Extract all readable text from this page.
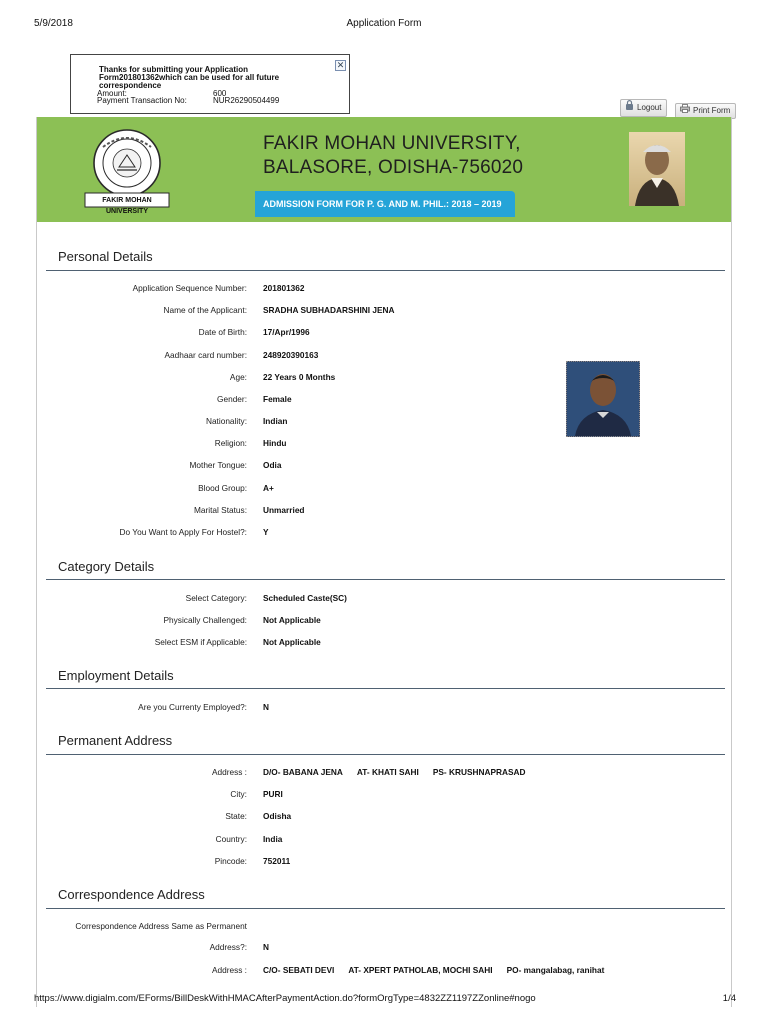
5/9/2018	Application Form
Thanks for submitting your Application Form201801362which can be used for all future correspondence
Amount:	600
Payment Transaction No:	NUR26290504499
✕
Logout	Print Form
FAKIR MOHAN UNIVERSITY
FAKIR MOHAN UNIVERSITY,
BALASORE, ODISHA-756020
ADMISSION FORM FOR P. G. AND M. PHIL.: 2018 – 2019
Personal Details
Application Sequence Number: 201801362
Name of the Applicant: SRADHA SUBHADARSHINI JENA
Date of Birth: 17/Apr/1996
Aadhaar card number: 248920390163
Age: 22 Years 0 Months
Gender: Female
Nationality: Indian
Religion: Hindu
Mother Tongue: Odia
Blood Group: A+
Marital Status: Unmarried
Do You Want to Apply For Hostel?: Y
Category Details
Select Category: Scheduled Caste(SC)
Physically Challenged: Not Applicable
Select ESM if Applicable: Not Applicable
Employment Details
Are you Currenty Employed?: N
Permanent Address
Address : D/O- BABANA JENA AT- KHATI SAHI PS- KRUSHNAPRASAD
City: PURI
State: Odisha
Country: India
Pincode: 752011
Correspondence Address
Correspondence Address Same as Permanent
Address?: N
Address : C/O- SEBATI DEVI AT- XPERT PATHOLAB, MOCHI SAHI PO- mangalabag, ranihat
https://www.digialm.com/EForms/BillDeskWithHMACAfterPaymentAction.do?formOrgType=4832ZZ1197ZZonline#nogo	1/4
